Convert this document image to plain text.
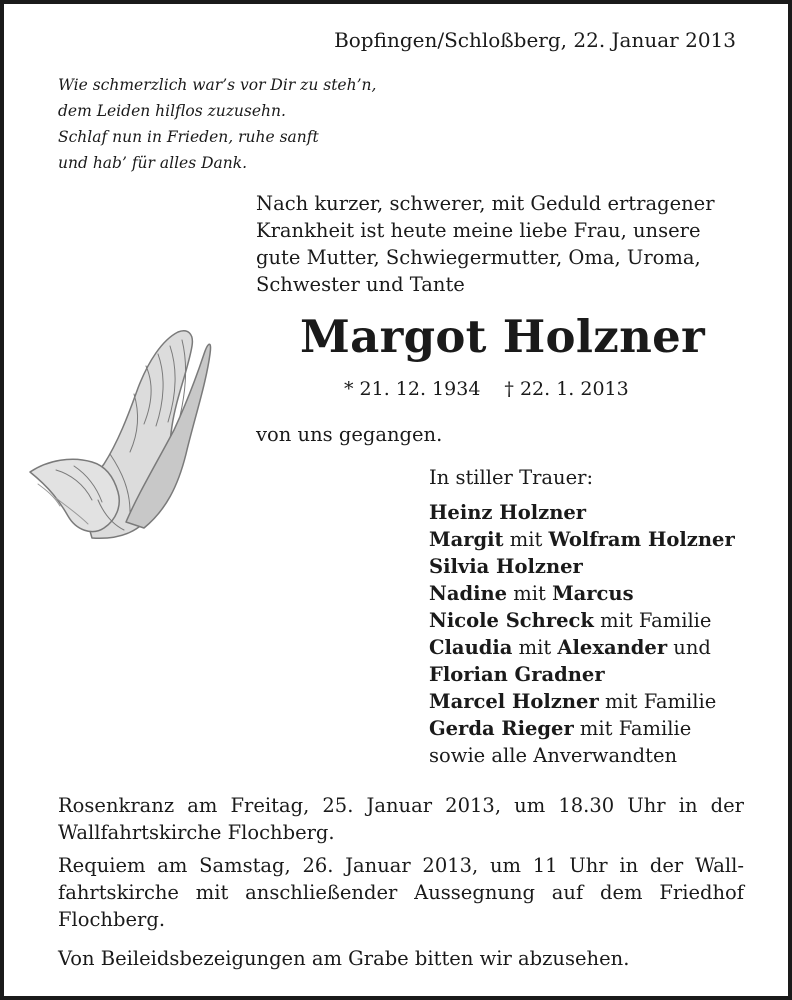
Bopfingen/Schloßberg, 22. Januar 2013
Wie schmerzlich war’s vor Dir zu steh’n,
dem Leiden hilflos zuzusehn.
Schlaf nun in Frieden, ruhe sanft
und hab’ für alles Dank.
Nach kurzer, schwerer, mit Geduld ertragener
Krankheit ist heute meine liebe Frau, unsere
gute Mutter, Schwiegermutter, Oma, Uroma,
Schwester und Tante
Margot Holzner
* 21. 12. 1934 † 22. 1. 2013
von uns gegangen.
In stiller Trauer:
Heinz Holzner
Margit mit Wolfram Holzner
Silvia Holzner
Nadine mit Marcus
Nicole Schreck mit Familie
Claudia mit Alexander und
Florian Gradner
Marcel Holzner mit Familie
Gerda Rieger mit Familie
sowie alle Anverwandten
Rosenkranz am Freitag, 25. Januar 2013, um 18.30 Uhr in der Wallfahrtskirche Flochberg.
Requiem am Samstag, 26. Januar 2013, um 11 Uhr in der Wallfahrtskirche mit anschließender Aussegnung auf dem Friedhof Flochberg.
Von Beileidsbezeigungen am Grabe bitten wir abzusehen.
